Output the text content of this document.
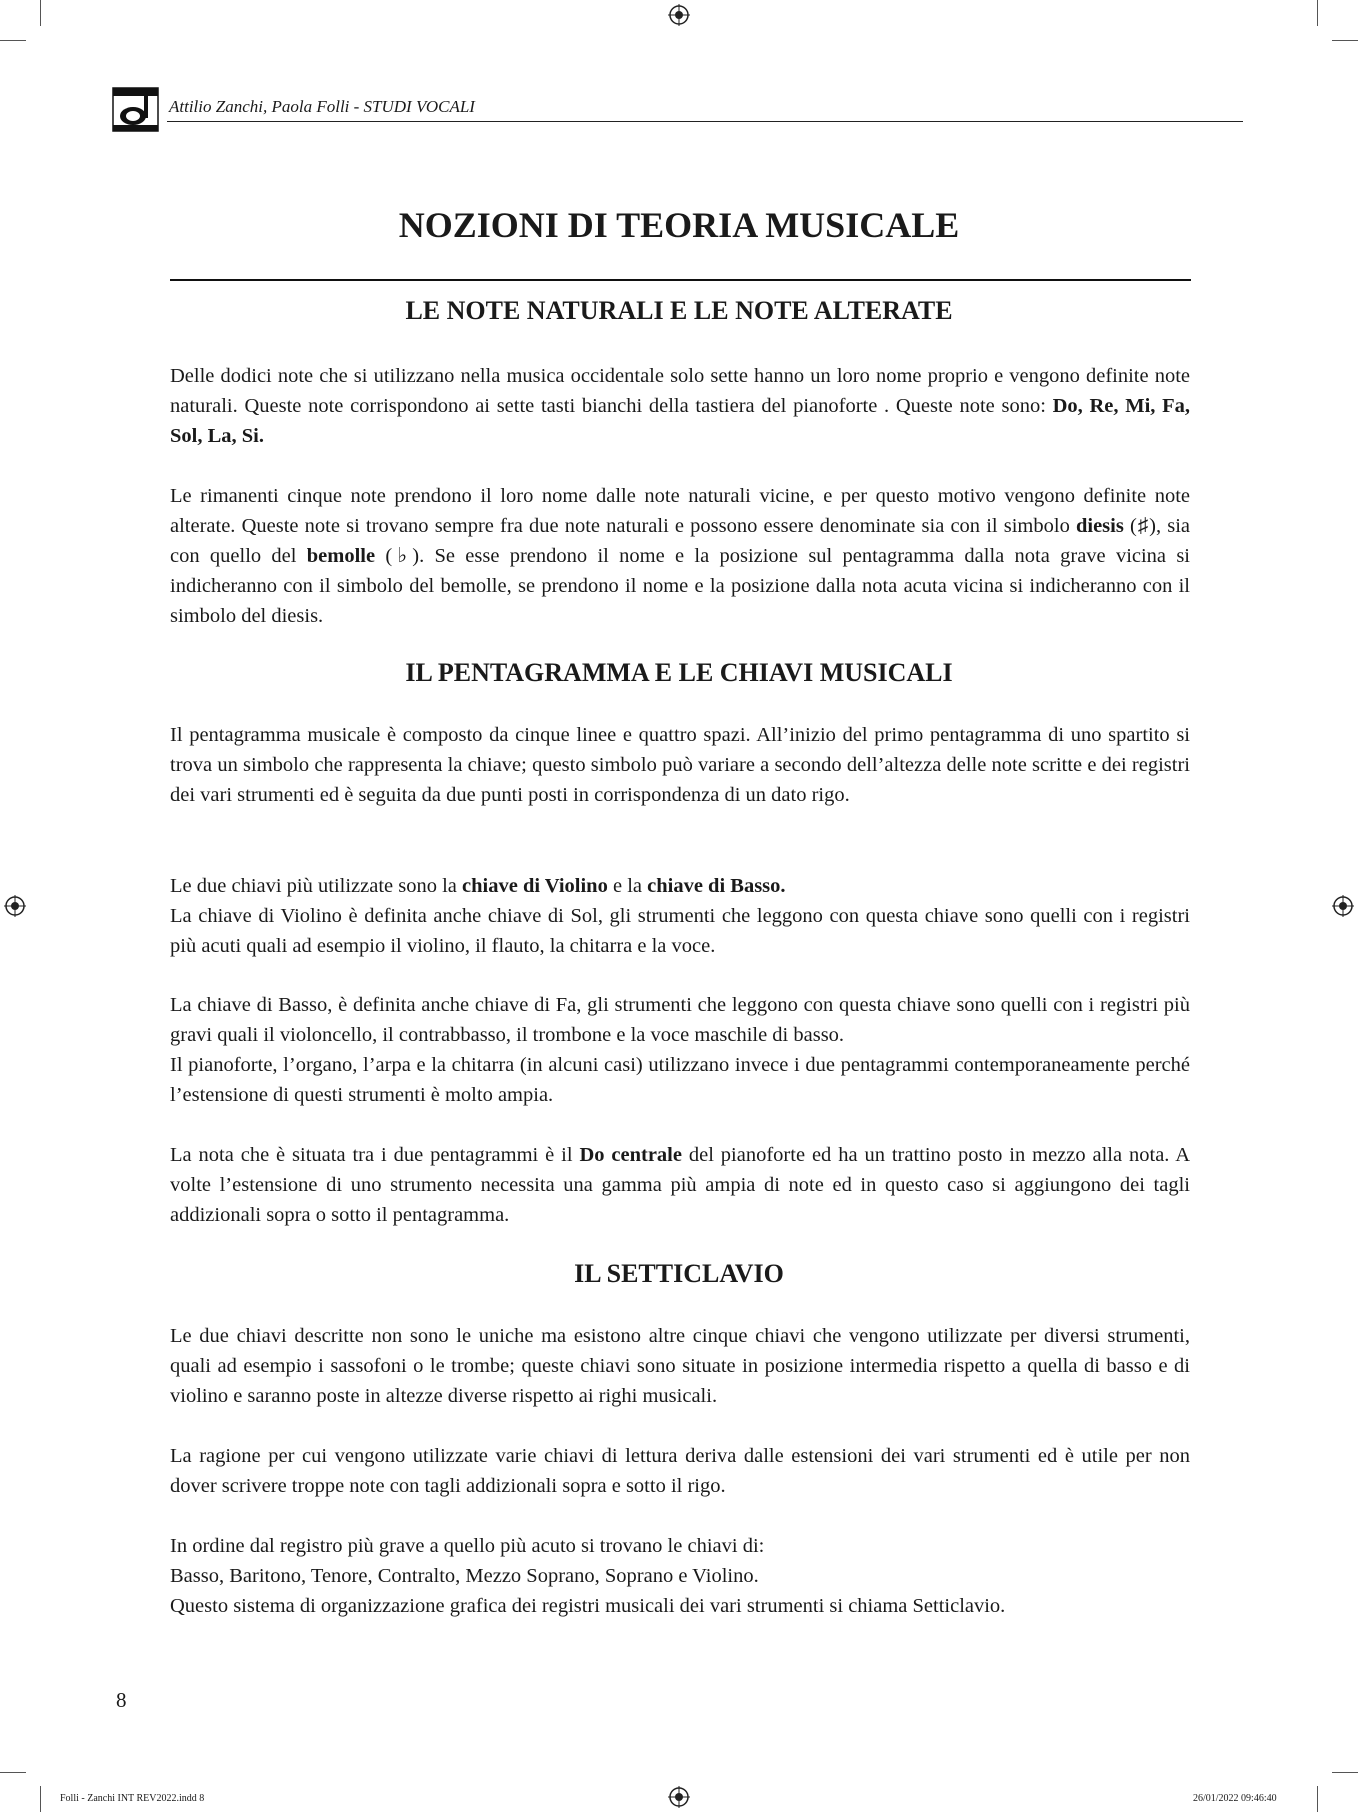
Attilio Zanchi, Paola Folli - STUDI VOCALI
NOZIONI DI TEORIA MUSICALE
LE NOTE NATURALI E LE NOTE ALTERATE

Delle dodici note che si utilizzano nella musica occidentale solo sette hanno un loro nome proprio e vengono definite note naturali. Queste note corrispondono ai sette tasti bianchi della tastiera del pianoforte . Queste note sono: Do, Re, Mi, Fa, Sol, La, Si.

Le rimanenti cinque note prendono il loro nome dalle note naturali vicine, e per questo motivo vengono definite note alterate. Queste note si trovano sempre fra due note naturali e possono essere denominate sia con il simbolo diesis (♯), sia con quello del bemolle (♭). Se esse prendono il nome e la posizione sul pentagramma dalla nota grave vicina si indicheranno con il simbolo del bemolle, se prendono il nome e la posizione dalla nota acuta vicina si indicheranno con il simbolo del diesis.

IL PENTAGRAMMA E LE CHIAVI MUSICALI

Il pentagramma musicale è composto da cinque linee e quattro spazi. All’inizio del primo pentagramma di uno spartito si trova un simbolo che rappresenta la chiave; questo simbolo può variare a secondo dell’altezza delle note scritte e dei registri dei vari strumenti ed è seguita da due punti posti in corrispondenza di un dato rigo.

Le due chiavi più utilizzate sono la chiave di Violino e la chiave di Basso.
La chiave di Violino è definita anche chiave di Sol, gli strumenti che leggono con questa chiave sono quelli con i registri più acuti quali ad esempio il violino, il flauto, la chitarra e la voce.

La chiave di Basso, è definita anche chiave di Fa, gli strumenti che leggono con questa chiave sono quelli con i registri più gravi quali il violoncello, il contrabbasso, il trombone e la voce maschile di basso.
Il pianoforte, l’organo, l’arpa e la chitarra (in alcuni casi) utilizzano invece i due pentagrammi contemporaneamente perché l’estensione di questi strumenti è molto ampia.

La nota che è situata tra i due pentagrammi è il Do centrale del pianoforte ed ha un trattino posto in mezzo alla nota. A volte l’estensione di uno strumento necessita una gamma più ampia di note ed in questo caso si aggiungono dei tagli addizionali sopra o sotto il pentagramma.

IL SETTICLAVIO

Le due chiavi descritte non sono le uniche ma esistono altre cinque chiavi che vengono utilizzate per diversi strumenti, quali ad esempio i sassofoni o le trombe; queste chiavi sono situate in posizione intermedia rispetto a quella di basso e di violino e saranno poste in altezze diverse rispetto ai righi musicali.

La ragione per cui vengono utilizzate varie chiavi di lettura deriva dalle estensioni dei vari strumenti ed è utile per non dover scrivere troppe note con tagli addizionali sopra e sotto il rigo.

In ordine dal registro più grave a quello più acuto si trovano le chiavi di:
Basso, Baritono, Tenore, Contralto, Mezzo Soprano, Soprano e Violino.
Questo sistema di organizzazione grafica dei registri musicali dei vari strumenti si chiama Setticlavio.

8
Folli - Zanchi INT REV2022.indd 8	26/01/2022 09:46:40
